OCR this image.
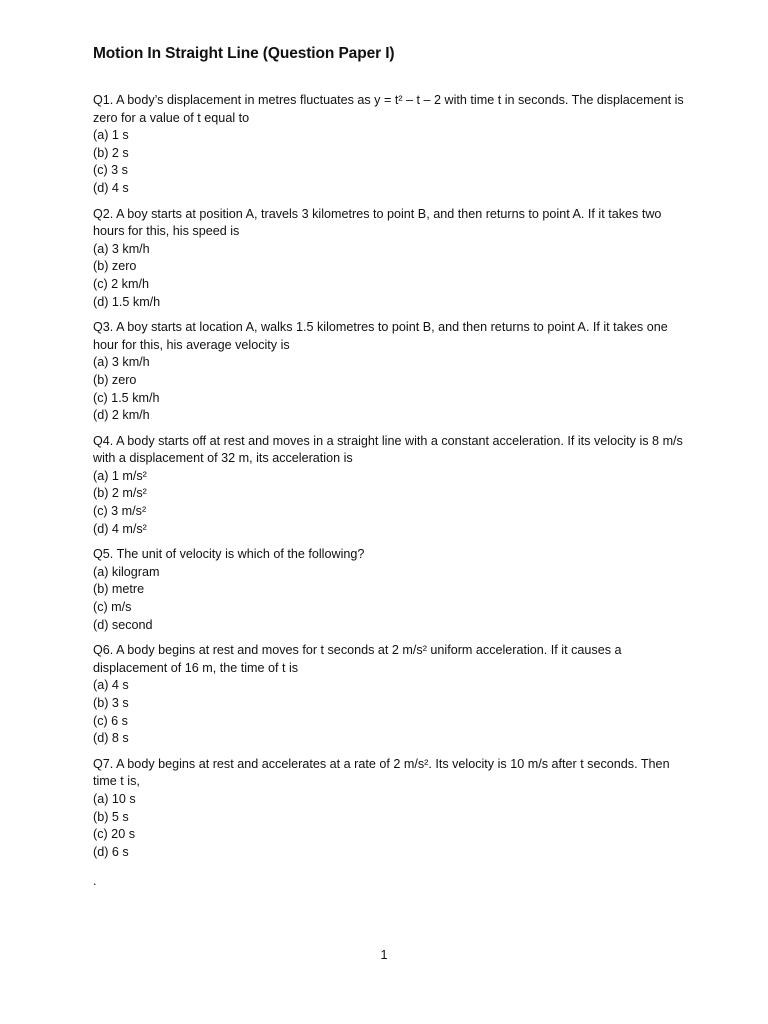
Motion In Straight Line (Question Paper I)
Q1. A body’s displacement in metres fluctuates as y = t² – t – 2 with time t in seconds. The displacement is zero for a value of t equal to
(a) 1 s
(b) 2 s
(c) 3 s
(d) 4 s
Q2. A boy starts at position A, travels 3 kilometres to point B, and then returns to point A. If it takes two hours for this, his speed is
(a) 3 km/h
(b) zero
(c) 2 km/h
(d) 1.5 km/h
Q3. A boy starts at location A, walks 1.5 kilometres to point B, and then returns to point A. If it takes one hour for this, his average velocity is
(a) 3 km/h
(b) zero
(c) 1.5 km/h
(d) 2 km/h
Q4. A body starts off at rest and moves in a straight line with a constant acceleration. If its velocity is 8 m/s with a displacement of 32 m, its acceleration is
(a) 1 m/s²
(b) 2 m/s²
(c) 3 m/s²
(d) 4 m/s²
Q5. The unit of velocity is which of the following?
(a) kilogram
(b) metre
(c) m/s
(d) second
Q6. A body begins at rest and moves for t seconds at 2 m/s² uniform acceleration. If it causes a displacement of 16 m, the time of t is
(a) 4 s
(b) 3 s
(c) 6 s
(d) 8 s
Q7. A body begins at rest and accelerates at a rate of 2 m/s². Its velocity is 10 m/s after t seconds. Then time t is,
(a) 10 s
(b) 5 s
(c) 20 s
(d) 6 s
.
1
